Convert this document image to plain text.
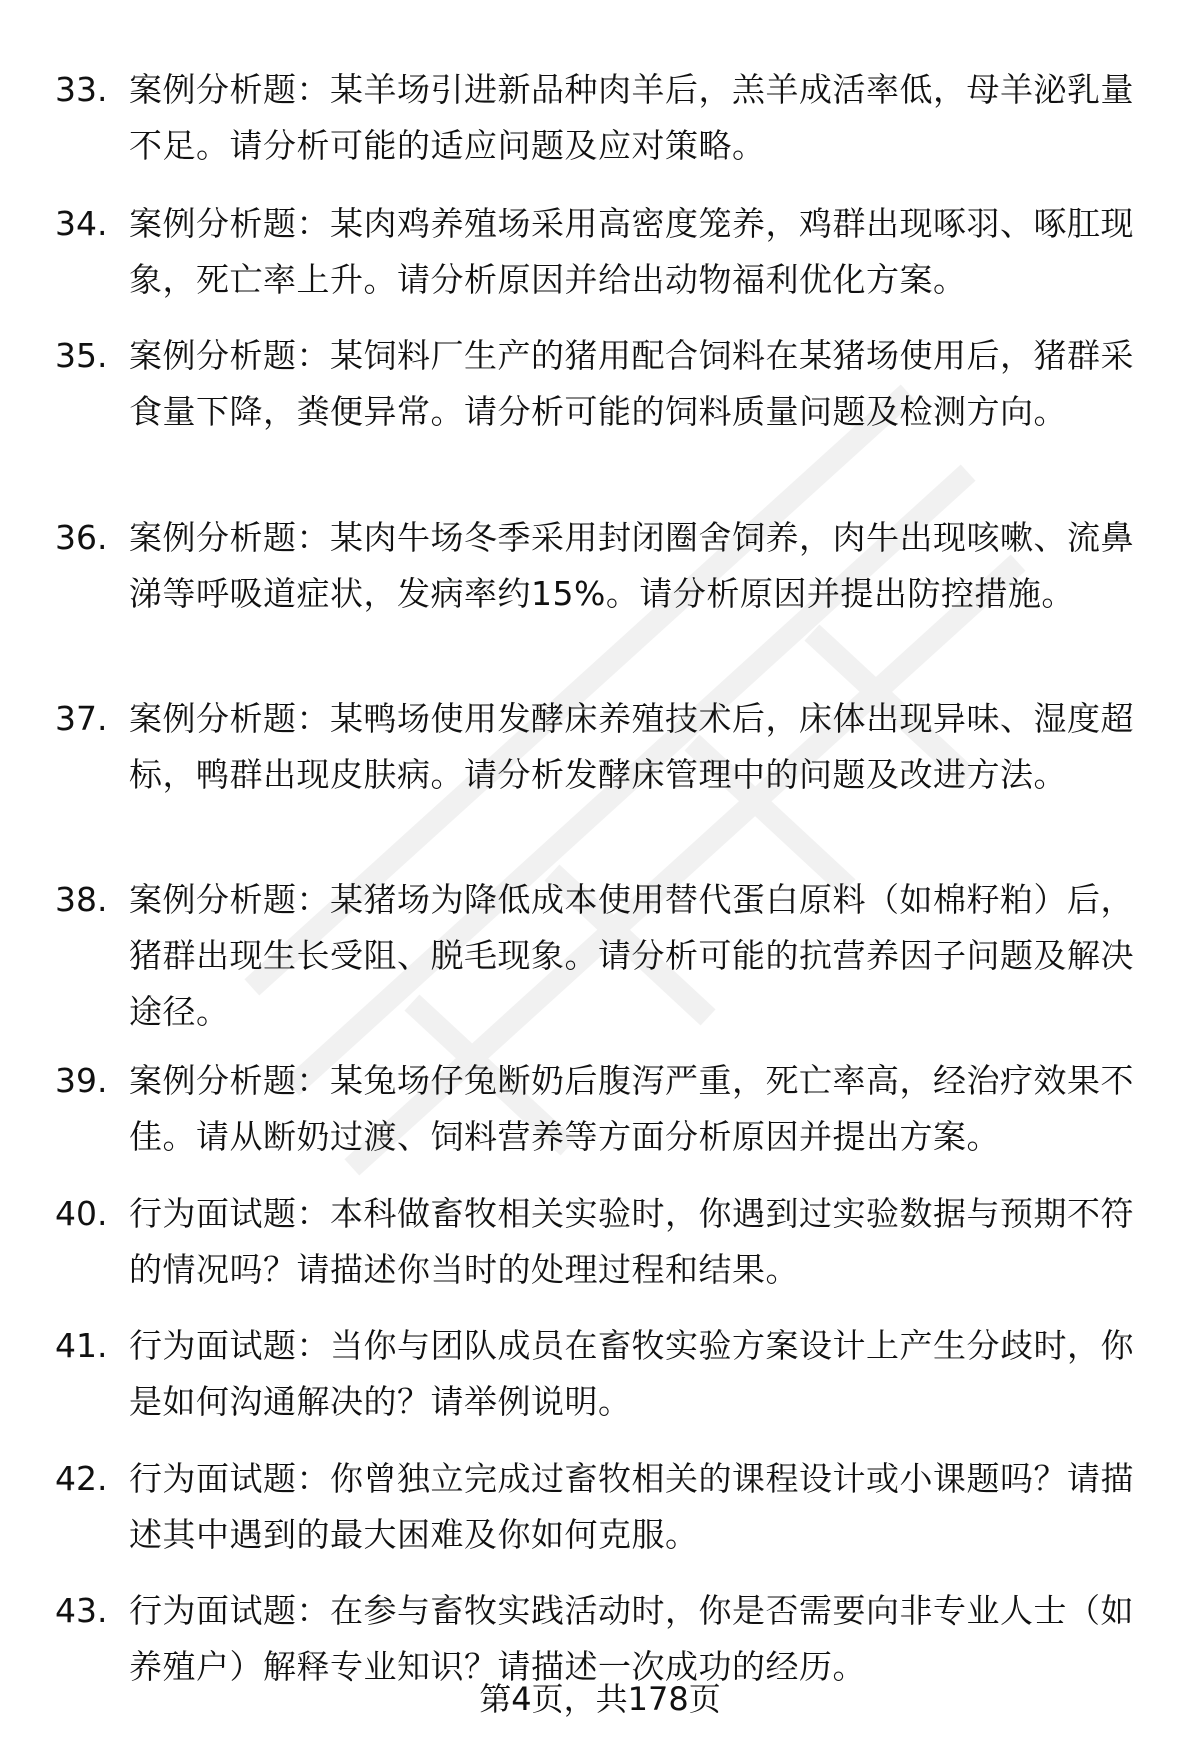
33. 案例分析题：某羊场引进新品种肉羊后，羔羊成活率低，母羊泌乳量不足。请分析可能的适应问题及应对策略。
34. 案例分析题：某肉鸡养殖场采用高密度笼养，鸡群出现啄羽、啄肛现象，死亡率上升。请分析原因并给出动物福利优化方案。
35. 案例分析题：某饲料厂生产的猪用配合饲料在某猪场使用后，猪群采食量下降，粪便异常。请分析可能的饲料质量问题及检测方向。
36. 案例分析题：某肉牛场冬季采用封闭圈舍饲养，肉牛出现咳嗽、流鼻涕等呼吸道症状，发病率约15%。请分析原因并提出防控措施。
37. 案例分析题：某鸭场使用发酵床养殖技术后，床体出现异味、湿度超标，鸭群出现皮肤病。请分析发酵床管理中的问题及改进方法。
38. 案例分析题：某猪场为降低成本使用替代蛋白原料（如棉籽粕）后，猪群出现生长受阻、脱毛现象。请分析可能的抗营养因子问题及解决途径。
39. 案例分析题：某兔场仔兔断奶后腹泻严重，死亡率高，经治疗效果不佳。请从断奶过渡、饲料营养等方面分析原因并提出方案。
40. 行为面试题：本科做畜牧相关实验时，你遇到过实验数据与预期不符的情况吗？请描述你当时的处理过程和结果。
41. 行为面试题：当你与团队成员在畜牧实验方案设计上产生分歧时，你是如何沟通解决的？请举例说明。
42. 行为面试题：你曾独立完成过畜牧相关的课程设计或小课题吗？请描述其中遇到的最大困难及你如何克服。
43. 行为面试题：在参与畜牧实践活动时，你是否需要向非专业人士（如养殖户）解释专业知识？请描述一次成功的经历。
第4页，共178页
